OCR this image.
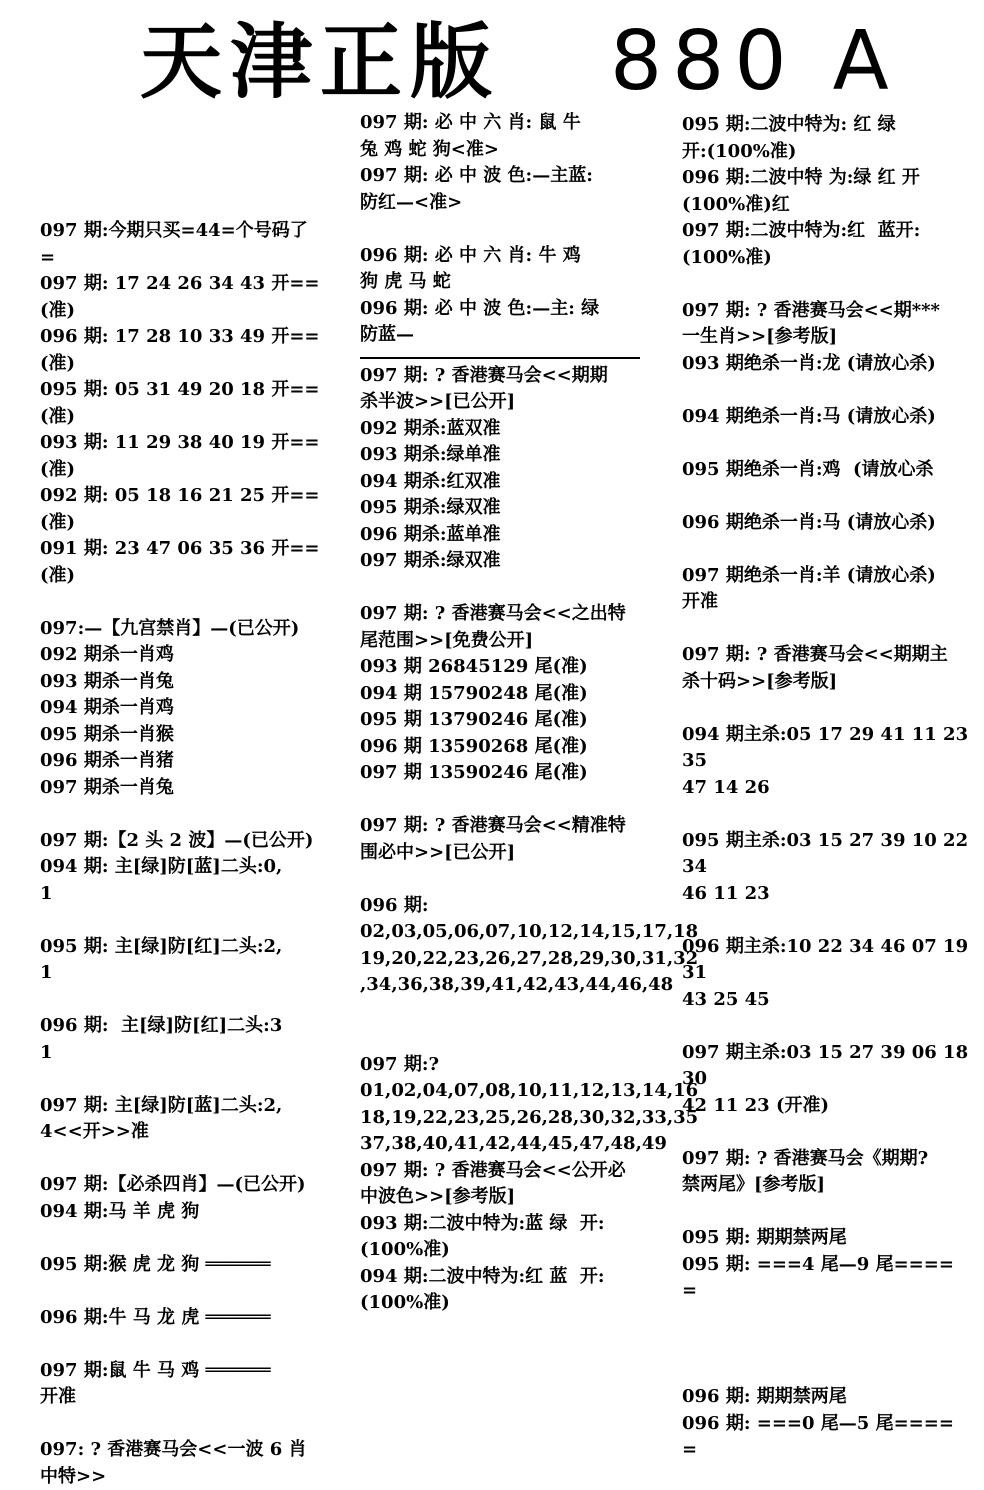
天津正版 880 A
097 期:今期只买=44=个号码了
=
097 期: 17 24 26 34 43 开==(准)
096 期: 17 28 10 33 49 开==(准)
095 期: 05 31 49 20 18 开==(准)
093 期: 11 29 38 40 19 开==(准)
092 期: 05 18 16 21 25 开==(准)
091 期: 23 47 06 35 36 开==(准)

097:—【九宫禁肖】—(已公开)
092 期杀一肖鸡
093 期杀一肖兔
094 期杀一肖鸡
095 期杀一肖猴
096 期杀一肖猪
097 期杀一肖兔

097 期:【2 头 2 波】—(已公开)
094 期: 主[绿]防[蓝]二头:0,
1

095 期: 主[绿]防[红]二头:2,
1

096 期:  主[绿]防[红]二头:3
1

097 期: 主[绿]防[蓝]二头:2,
4<<开>>准

097 期:【必杀四肖】—(已公开)
094 期:马 羊 虎 狗

095 期:猴 虎 龙 狗 ══════

096 期:牛 马 龙 虎 ══════

097 期:鼠 牛 马 鸡 ══════
开准

097: ? 香港赛马会<<一波 6 肖
中特>>
097 期: 必 中 六 肖: 鼠 牛
兔 鸡 蛇 狗<准>
097 期: 必 中 波 色:—主蓝:
防红—<准>

096 期: 必 中 六 肖: 牛 鸡
狗 虎 马 蛇
096 期: 必 中 波 色:—主: 绿
防蓝—
097 期: ? 香港赛马会<<期期
杀半波>>[已公开]
092 期杀:蓝双准
093 期杀:绿单准
094 期杀:红双准
095 期杀:绿双准
096 期杀:蓝单准
097 期杀:绿双准

097 期: ? 香港赛马会<<之出特
尾范围>>[免费公开]
093 期 26845129 尾(准)
094 期 15790248 尾(准)
095 期 13790246 尾(准)
096 期 13590268 尾(准)
097 期 13590246 尾(准)

097 期: ? 香港赛马会<<精准特
围必中>>[已公开]

096 期:
02,03,05,06,07,10,12,14,15,17,18
19,20,22,23,26,27,28,29,30,31,32
,34,36,38,39,41,42,43,44,46,48

097 期:?
01,02,04,07,08,10,11,12,13,14,16
18,19,22,23,25,26,28,30,32,33,35
37,38,40,41,42,44,45,47,48,49
097 期: ? 香港赛马会<<公开必
中波色>>[参考版]
093 期:二波中特为:蓝 绿  开:
(100%准)
094 期:二波中特为:红 蓝  开:
(100%准)
095 期:二波中特为: 红 绿
开:(100%准)
096 期:二波中特 为:绿 红 开
(100%准)红
097 期:二波中特为:红  蓝开:
(100%准)

097 期: ? 香港赛马会<<期***
一生肖>>[参考版]
093 期绝杀一肖:龙 (请放心杀)

094 期绝杀一肖:马 (请放心杀)

095 期绝杀一肖:鸡  (请放心杀

096 期绝杀一肖:马 (请放心杀)

097 期绝杀一肖:羊 (请放心杀)
开准

097 期: ? 香港赛马会<<期期主
杀十码>>[参考版]

094 期主杀:05 17 29 41 11 23 35
47 14 26

095 期主杀:03 15 27 39 10 22 34
46 11 23

096 期主杀:10 22 34 46 07 19 31
43 25 45

097 期主杀:03 15 27 39 06 18 30
42 11 23 (开准)

097 期: ? 香港赛马会《期期?
禁两尾》[参考版]

095 期: 期期禁两尾
095 期: ===4 尾—9 尾====
=

096 期: 期期禁两尾
096 期: ===0 尾—5 尾====
=
